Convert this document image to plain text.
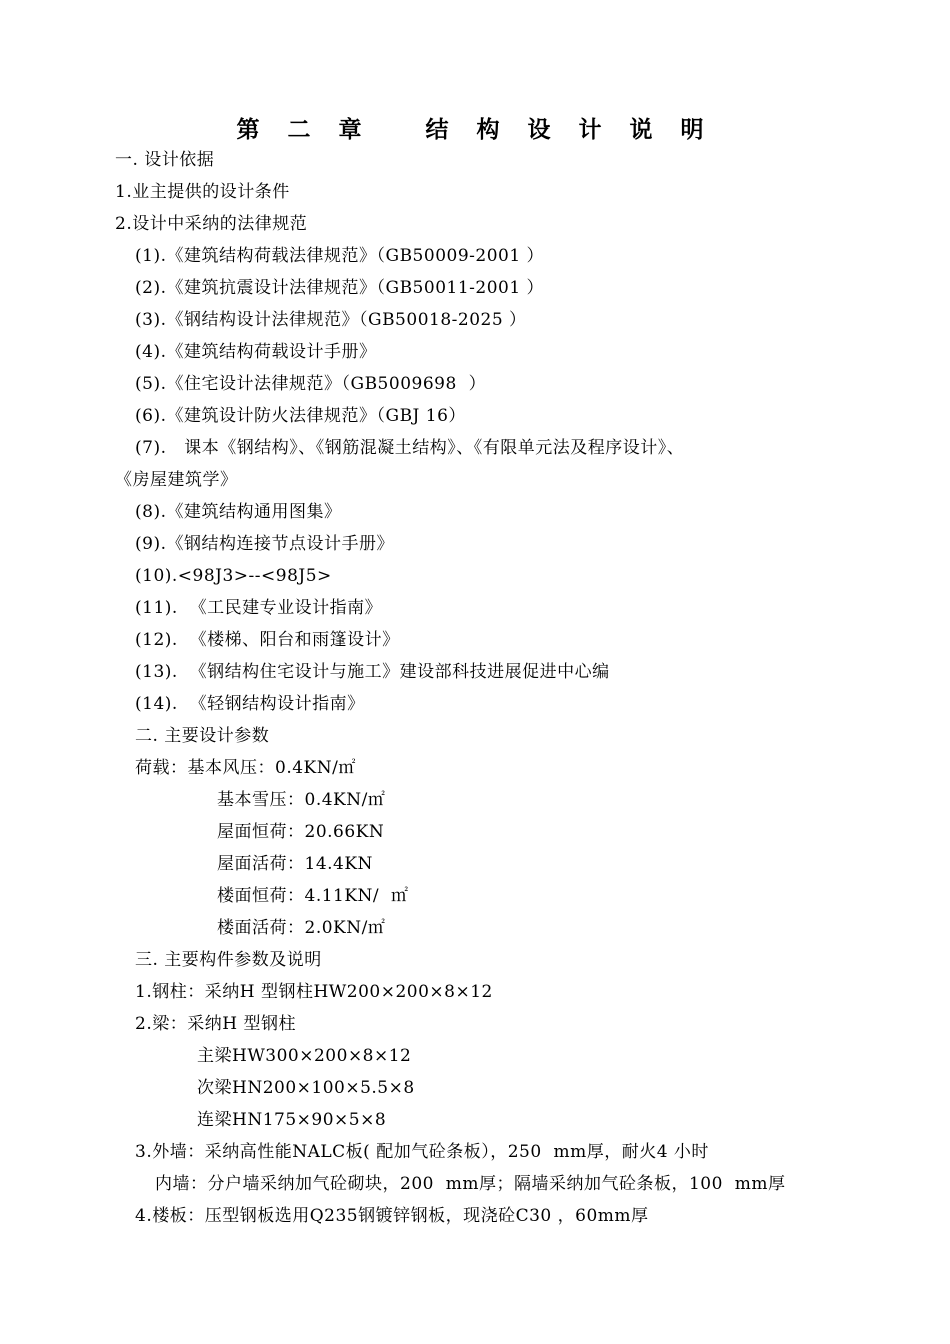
第 二 章   结 构 设 计 说 明
一. 设计依据
1.业主提供的设计条件
2.设计中采纳的法律规范
(1).《建筑结构荷载法律规范》（GB50009-2001 ）
(2).《建筑抗震设计法律规范》（GB50011-2001 ）
(3).《钢结构设计法律规范》（GB50018-2025 ）
(4).《建筑结构荷载设计手册》
(5).《住宅设计法律规范》（GB5009698  ）
(6).《建筑设计防火法律规范》（GBJ 16）
(7).   课本《钢结构》、《钢筋混凝土结构》、《有限单元法及程序设计》、
《房屋建筑学》
(8).《建筑结构通用图集》
(9).《钢结构连接节点设计手册》
(10).<98J3>--<98J5>
(11).  《工民建专业设计指南》
(12).  《楼梯、阳台和雨篷设计》
(13).  《钢结构住宅设计与施工》建设部科技进展促进中心编
(14).  《轻钢结构设计指南》
二. 主要设计参数
荷载：基本风压：0.4KN/㎡
基本雪压：0.4KN/㎡
屋面恒荷：20.66KN
屋面活荷：14.4KN
楼面恒荷：4.11KN/  ㎡
楼面活荷：2.0KN/㎡
三. 主要构件参数及说明
1.钢柱：采纳H 型钢柱HW200×200×8×12
2.梁：采纳H 型钢柱
主梁HW300×200×8×12
次梁HN200×100×5.5×8
连梁HN175×90×5×8
3.外墙：采纳高性能NALC板( 配加气砼条板），250  mm厚，耐火4 小时
内墙：分户墙采纳加气砼砌块，200  mm厚；隔墙采纳加气砼条板，100  mm厚
4.楼板：压型钢板选用Q235钢镀锌钢板，现浇砼C30 ，60mm厚
